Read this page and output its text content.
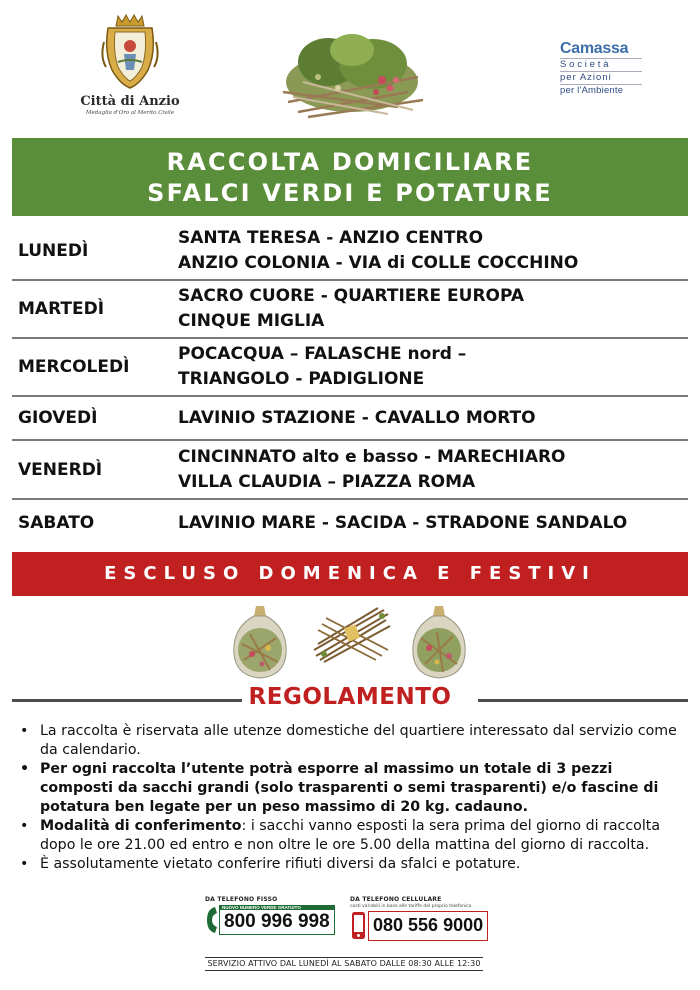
Città di Anzio
Medaglia d'Oro al Merito Civile
Camassa
Società
per Azioni
per l'Ambiente
RACCOLTA DOMICILIARE
SFALCI VERDI E POTATURE
LUNEDÌ
SANTA TERESA - ANZIO CENTRO
ANZIO COLONIA - VIA di COLLE COCCHINO
MARTEDÌ
SACRO CUORE - QUARTIERE EUROPA
CINQUE MIGLIA
MERCOLEDÌ
POCACQUA – FALASCHE nord –
TRIANGOLO - PADIGLIONE
GIOVEDÌ	LAVINIO STAZIONE - CAVALLO MORTO
VENERDÌ
CINCINNATO alto e basso - MARECHIARO
VILLA CLAUDIA – PIAZZA ROMA
SABATO	LAVINIO MARE - SACIDA - STRADONE SANDALO
ESCLUSO DOMENICA E FESTIVI
REGOLAMENTO
• La raccolta è riservata alle utenze domestiche del quartiere interessato dal servizio come da calendario.
• Per ogni raccolta l’utente potrà esporre al massimo un totale di 3 pezzi composti da sacchi grandi (solo trasparenti o semi trasparenti) e/o fascine di potatura ben legate per un peso massimo di 20 kg. cadauno.
• Modalità di conferimento: i sacchi vanno esposti la sera prima del giorno di raccolta dopo le ore 21.00 ed entro e non oltre le ore 5.00 della mattina del giorno di raccolta.
• È assolutamente vietato conferire rifiuti diversi da sfalci e potature.
DA TELEFONO FISSO
NUOVO NUMERO VERDE GRATUITO
800 996 998
DA TELEFONO CELLULARE
costi variabili in base alle tariffe del proprio telefonico
080 556 9000
SERVIZIO ATTIVO DAL LUNEDÌ AL SABATO DALLE 08:30 ALLE 12:30
